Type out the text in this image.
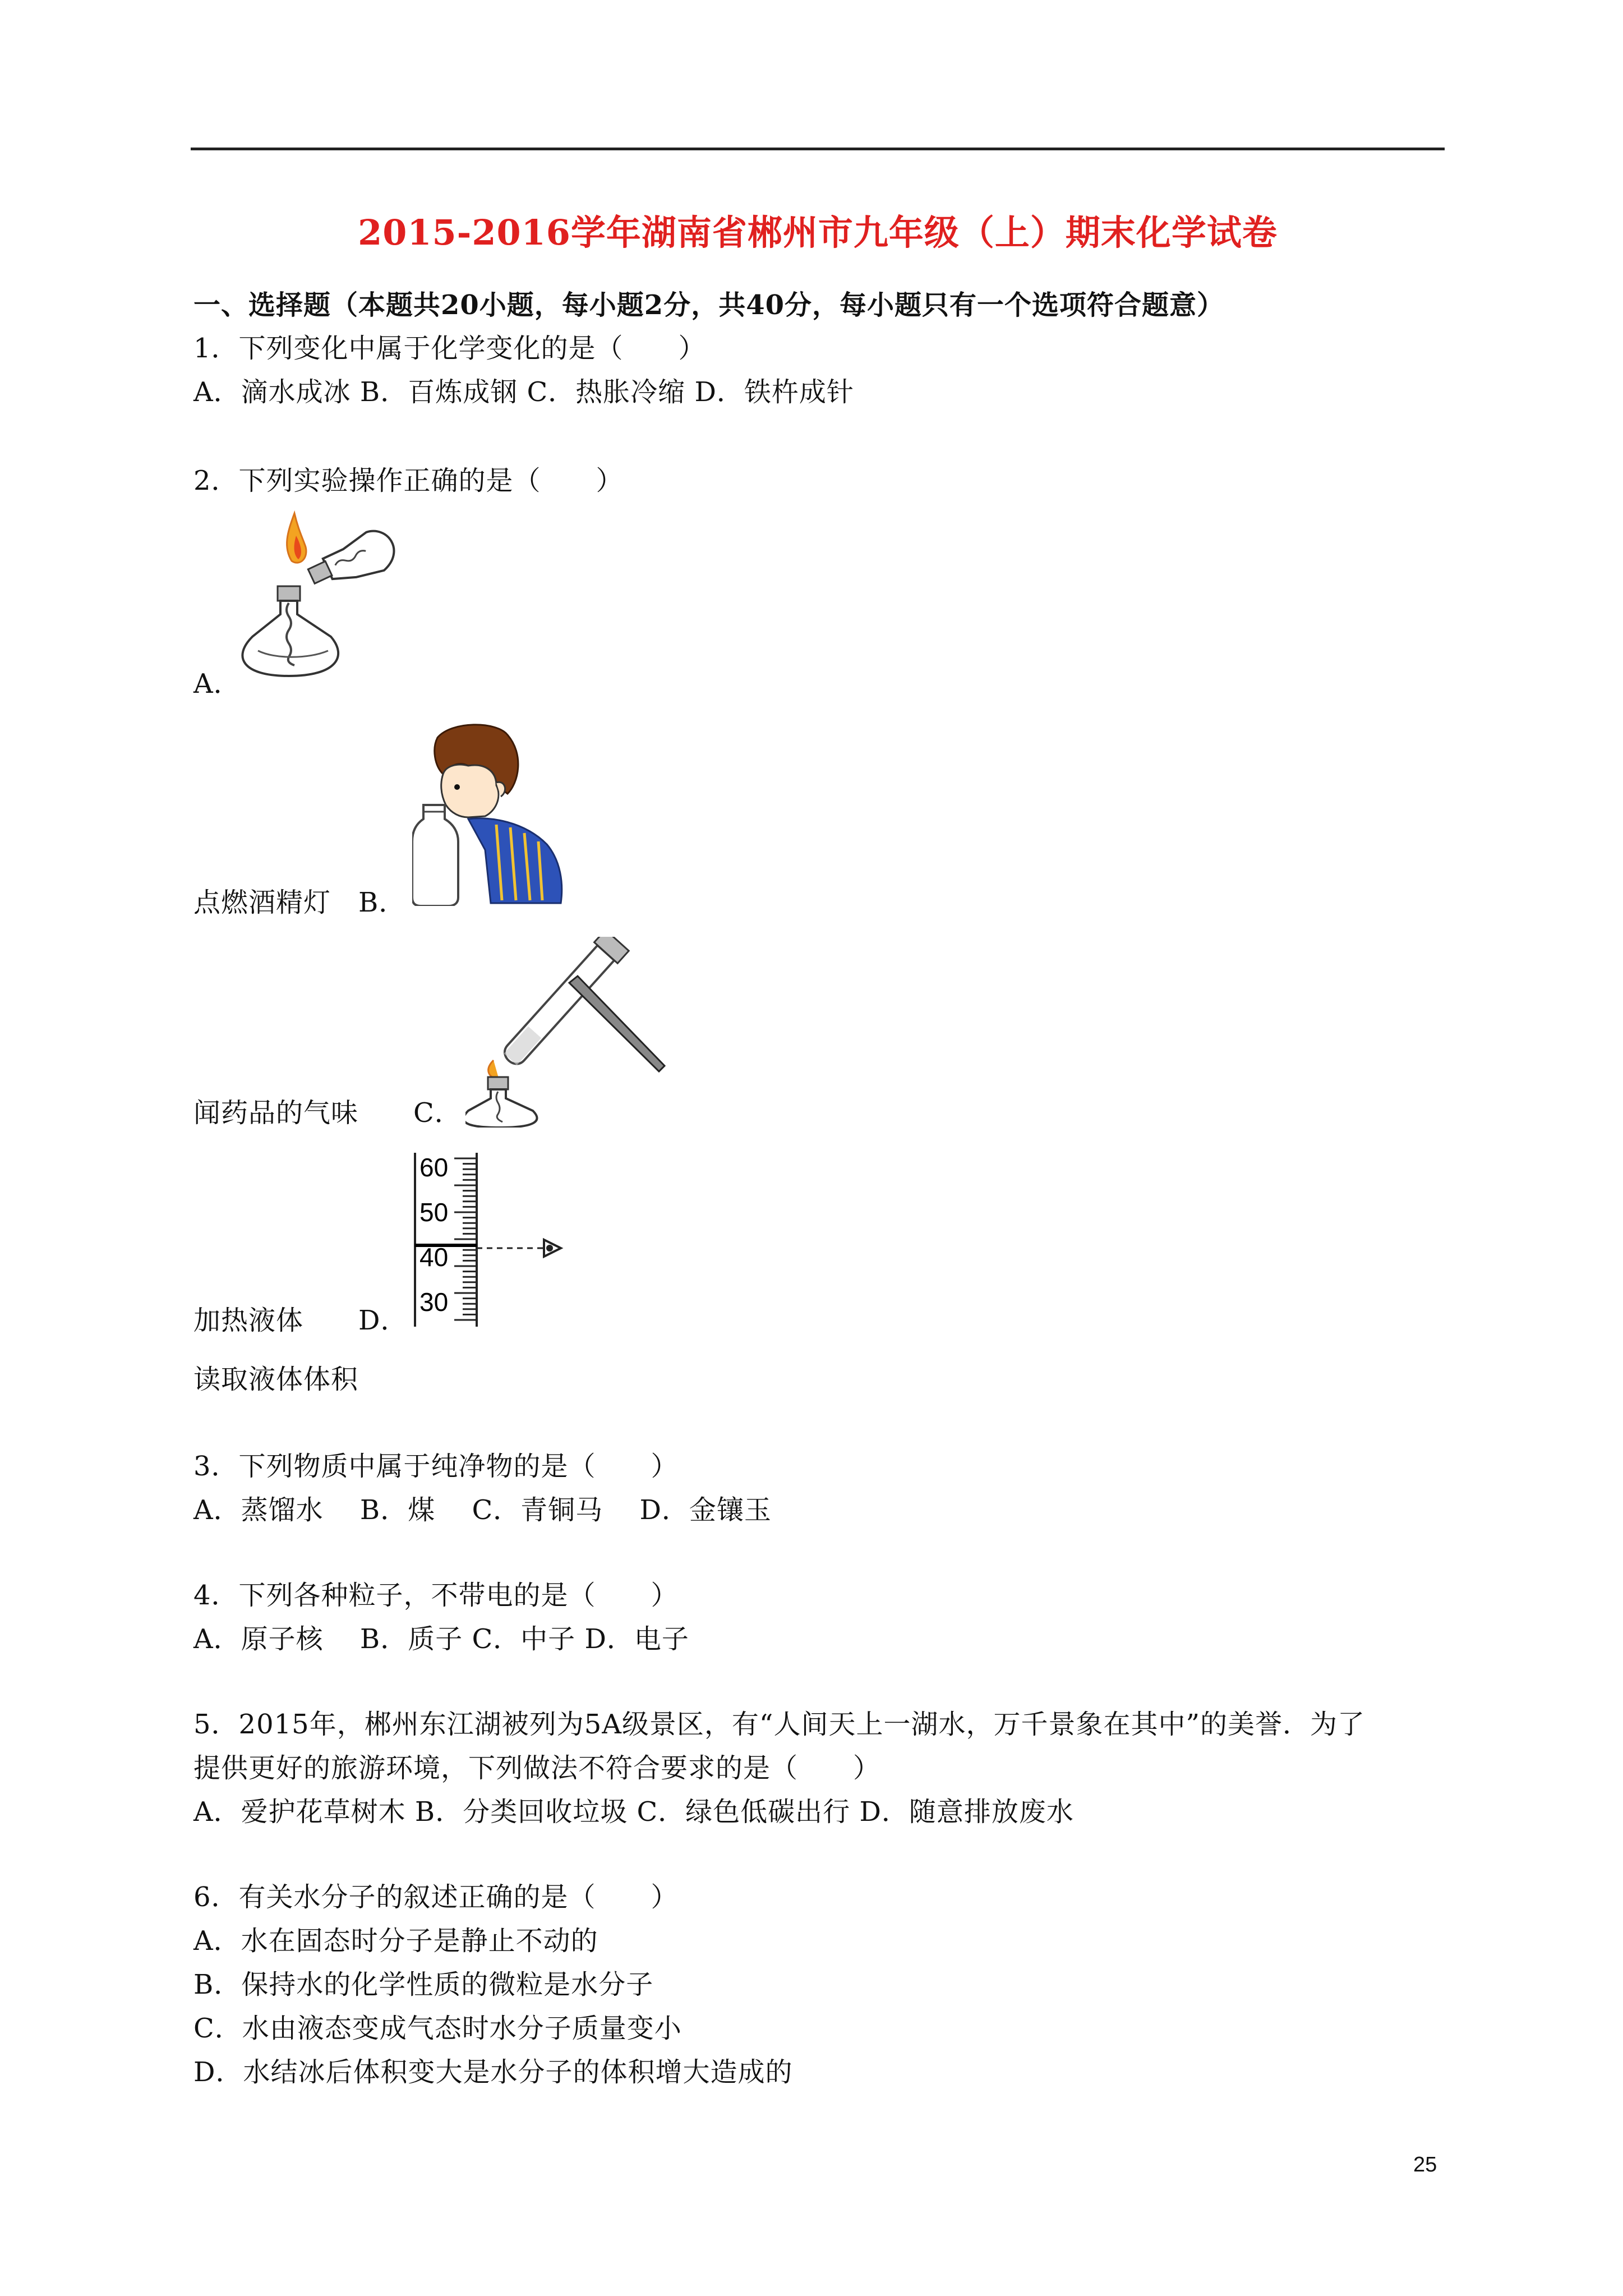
2015-2016学年湖南省郴州市九年级（上）期末化学试卷
一、选择题（本题共20小题，每小题2分，共40分，每小题只有一个选项符合题意）
1．下列变化中属于化学变化的是（　　）
A．滴水成冰 B．百炼成钢 C．热胀冷缩 D．铁杵成针
2．下列实验操作正确的是（　　）
A．
点燃酒精灯　B．
闻药品的气味　　C．
60
50
40
30
加热液体　　D．
读取液体体积
3．下列物质中属于纯净物的是（　　）
A．蒸馏水　 B．煤　 C．青铜马　 D．金镶玉
4．下列各种粒子，不带电的是（　　）
A．原子核　 B．质子 C．中子 D．电子
5．2015年，郴州东江湖被列为5A级景区，有“人间天上一湖水，万千景象在其中”的美誉．为了
提供更好的旅游环境，下列做法不符合要求的是（　　）
A．爱护花草树木 B．分类回收垃圾 C．绿色低碳出行 D．随意排放废水
6．有关水分子的叙述正确的是（　　）
A．水在固态时分子是静止不动的
B．保持水的化学性质的微粒是水分子
C．水由液态变成气态时水分子质量变小
D．水结冰后体积变大是水分子的体积增大造成的
25
